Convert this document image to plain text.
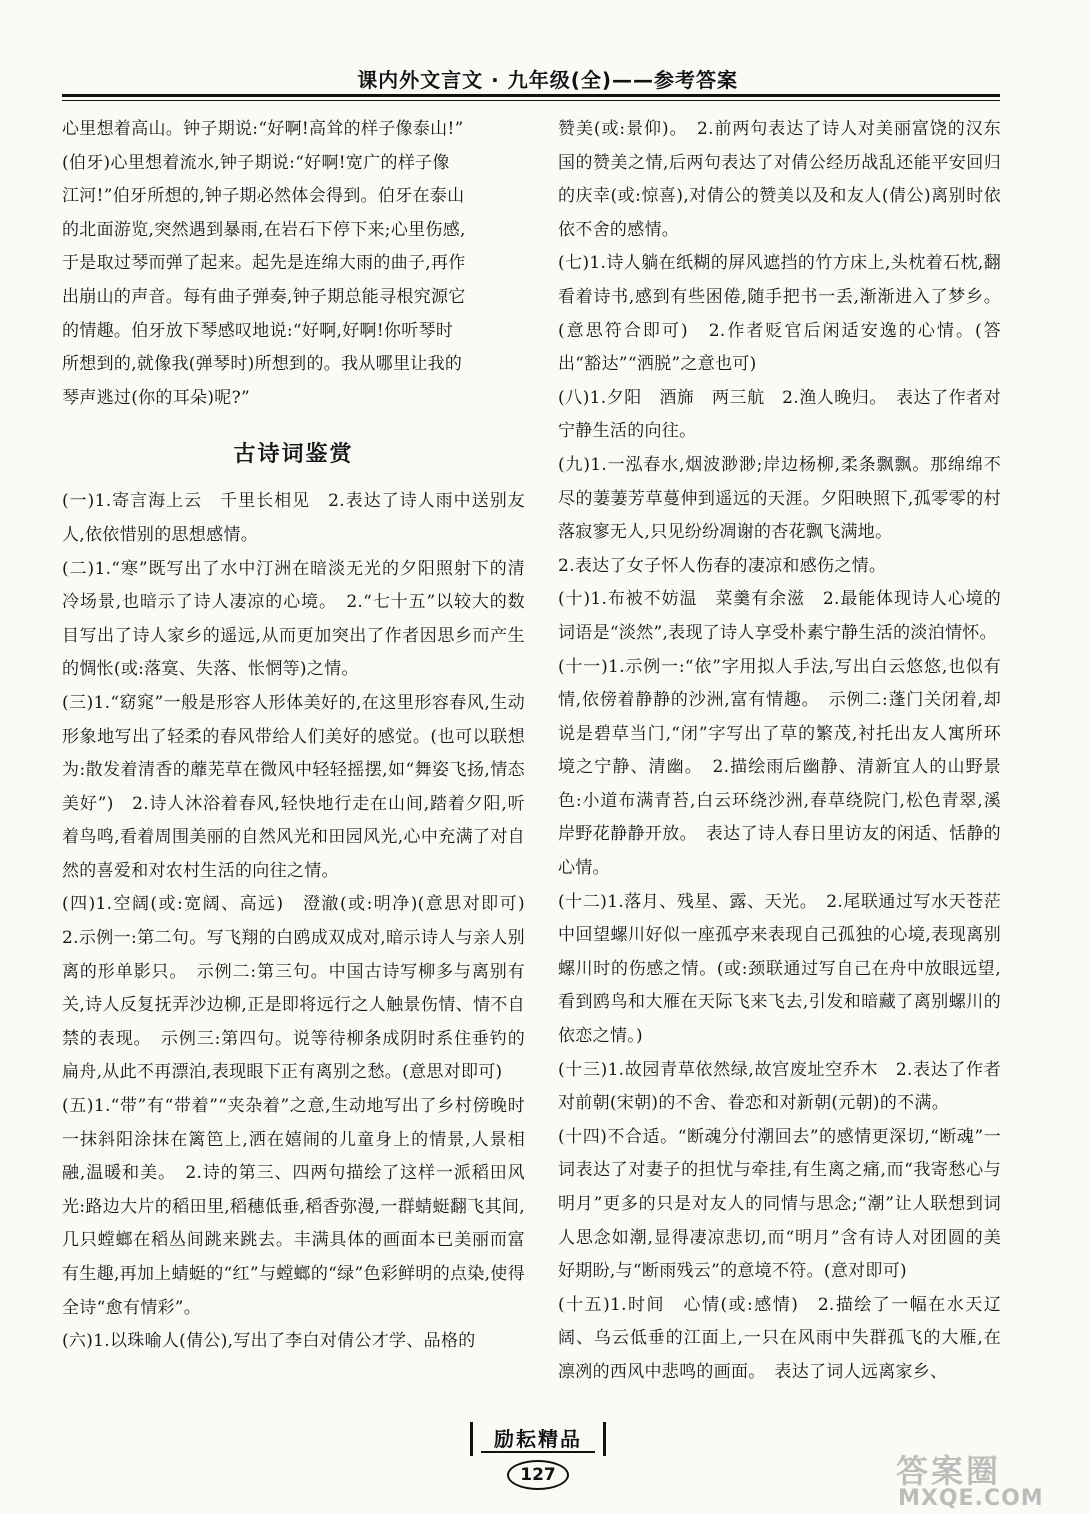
课内外文言文 · 九年级(全)——参考答案

心里想着高山。钟子期说:“好啊!高耸的样子像泰山!”

(伯牙)心里想着流水,钟子期说:“好啊!宽广的样子像

江河!”伯牙所想的,钟子期必然体会得到。伯牙在泰山

的北面游览,突然遇到暴雨,在岩石下停下来;心里伤感,

于是取过琴而弹了起来。起先是连绵大雨的曲子,再作

出崩山的声音。每有曲子弹奏,钟子期总能寻根究源它

的情趣。伯牙放下琴感叹地说:“好啊,好啊!你听琴时

所想到的,就像我(弹琴时)所想到的。我从哪里让我的

琴声逃过(你的耳朵)呢?”

古诗词鉴赏

(一)1.寄言海上云　千里长相见　2.表达了诗人雨中送别友人,依依惜别的思想感情。

(二)1.“寒”既写出了水中汀洲在暗淡无光的夕阳照射下的清冷场景,也暗示了诗人凄凉的心境。　2.“七十五”以较大的数目写出了诗人家乡的遥远,从而更加突出了作者因思乡而产生的惆怅(或:落寞、失落、怅惘等)之情。

(三)1.“窈窕”一般是形容人形体美好的,在这里形容春风,生动形象地写出了轻柔的春风带给人们美好的感觉。(也可以联想为:散发着清香的蘼芜草在微风中轻轻摇摆,如“舞姿飞扬,情态美好”)　2.诗人沐浴着春风,轻快地行走在山间,踏着夕阳,听着鸟鸣,看着周围美丽的自然风光和田园风光,心中充满了对自然的喜爱和对农村生活的向往之情。

(四)1.空阔(或:宽阔、高远)　澄澈(或:明净)(意思对即可)　2.示例一:第二句。写飞翔的白鸥成双成对,暗示诗人与亲人别离的形单影只。　示例二:第三句。中国古诗写柳多与离别有关,诗人反复抚弄沙边柳,正是即将远行之人触景伤情、情不自禁的表现。　示例三:第四句。说等待柳条成阴时系住垂钓的扁舟,从此不再漂泊,表现眼下正有离别之愁。(意思对即可)

(五)1.“带”有“带着”“夹杂着”之意,生动地写出了乡村傍晚时一抹斜阳涂抹在篱笆上,洒在嬉闹的儿童身上的情景,人景相融,温暖和美。　2.诗的第三、四两句描绘了这样一派稻田风光:路边大片的稻田里,稻穗低垂,稻香弥漫,一群蜻蜓翻飞其间,几只螳螂在稻丛间跳来跳去。丰满具体的画面本已美丽而富有生趣,再加上蜻蜓的“红”与螳螂的“绿”色彩鲜明的点染,使得全诗“愈有情彩”。

(六)1.以珠喻人(倩公),写出了李白对倩公才学、品格的

赞美(或:景仰)。　2.前两句表达了诗人对美丽富饶的汉东国的赞美之情,后两句表达了对倩公经历战乱还能平安回归的庆幸(或:惊喜),对倩公的赞美以及和友人(倩公)离别时依依不舍的感情。

(七)1.诗人躺在纸糊的屏风遮挡的竹方床上,头枕着石枕,翻看着诗书,感到有些困倦,随手把书一丢,渐渐进入了梦乡。(意思符合即可)　2.作者贬官后闲适安逸的心情。(答出“豁达”“洒脱”之意也可)

(八)1.夕阳　酒旆　两三航　2.渔人晚归。　表达了作者对宁静生活的向往。

(九)1.一泓春水,烟波渺渺;岸边杨柳,柔条飘飘。那绵绵不尽的萋萋芳草蔓伸到遥远的天涯。夕阳映照下,孤零零的村落寂寥无人,只见纷纷凋谢的杏花飘飞满地。

2.表达了女子怀人伤春的凄凉和感伤之情。

(十)1.布被不妨温　菜羹有余滋　2.最能体现诗人心境的词语是“淡然”,表现了诗人享受朴素宁静生活的淡泊情怀。

(十一)1.示例一:“依”字用拟人手法,写出白云悠悠,也似有情,依傍着静静的沙洲,富有情趣。　示例二:蓬门关闭着,却说是碧草当门,“闭”字写出了草的繁茂,衬托出友人寓所环境之宁静、清幽。　2.描绘雨后幽静、清新宜人的山野景色:小道布满青苔,白云环绕沙洲,春草绕院门,松色青翠,溪岸野花静静开放。　表达了诗人春日里访友的闲适、恬静的心情。

(十二)1.落月、残星、露、天光。　2.尾联通过写水天苍茫中回望螺川好似一座孤亭来表现自己孤独的心境,表现离别螺川时的伤感之情。(或:颈联通过写自己在舟中放眼远望,看到鸥鸟和大雁在天际飞来飞去,引发和暗藏了离别螺川的依恋之情。)

(十三)1.故园青草依然绿,故宫废址空乔木　2.表达了作者对前朝(宋朝)的不舍、眷恋和对新朝(元朝)的不满。

(十四)不合适。“断魂分付潮回去”的感情更深切,“断魂”一词表达了对妻子的担忧与牵挂,有生离之痛,而“我寄愁心与明月”更多的只是对友人的同情与思念;“潮”让人联想到词人思念如潮,显得凄凉悲切,而“明月”含有诗人对团圆的美好期盼,与“断雨残云”的意境不符。(意对即可)

(十五)1.时间　心情(或:感情)　2.描绘了一幅在水天辽阔、乌云低垂的江面上,一只在风雨中失群孤飞的大雁,在凛冽的西风中悲鸣的画面。　表达了词人远离家乡、

励耘精品
127	答案圈
MXQE.COM
